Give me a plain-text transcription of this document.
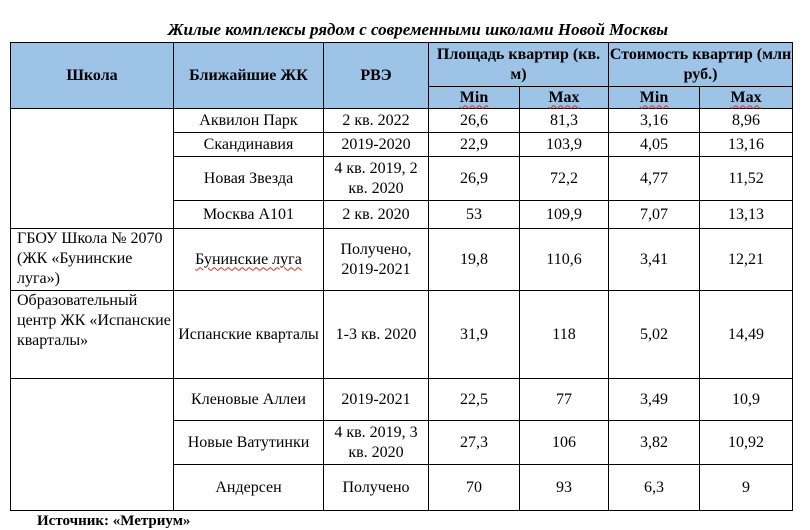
Жилые комплексы рядом с современными школами Новой Москвы
Школа	Ближайшие ЖК	РВЭ	Площадь квартир (кв. м)		Стоимость квартир (млн руб.)	
			Min	Max	Min	Max
	Аквилон Парк	2 кв. 2022	26,6	81,3	3,16	8,96
	Скандинавия	2019-2020	22,9	103,9	4,05	13,16
	Новая Звезда	4 кв. 2019, 2 кв. 2020	26,9	72,2	4,77	11,52
	Москва А101	2 кв. 2020	53	109,9	7,07	13,13
ГБОУ Школа № 2070 (ЖК «Бунинские луга»)	Бунинские луга	Получено, 2019-2021	19,8	110,6	3,41	12,21
Образовательный центр ЖК «Испанские кварталы»	Испанские кварталы	1-3 кв. 2020	31,9	118	5,02	14,49
	Кленовые Аллеи	2019-2021	22,5	77	3,49	10,9
	Новые Ватутинки	4 кв. 2019, 3 кв. 2020	27,3	106	3,82	10,92
	Андерсен	Получено	70	93	6,3	9
Источник: «Метриум»
